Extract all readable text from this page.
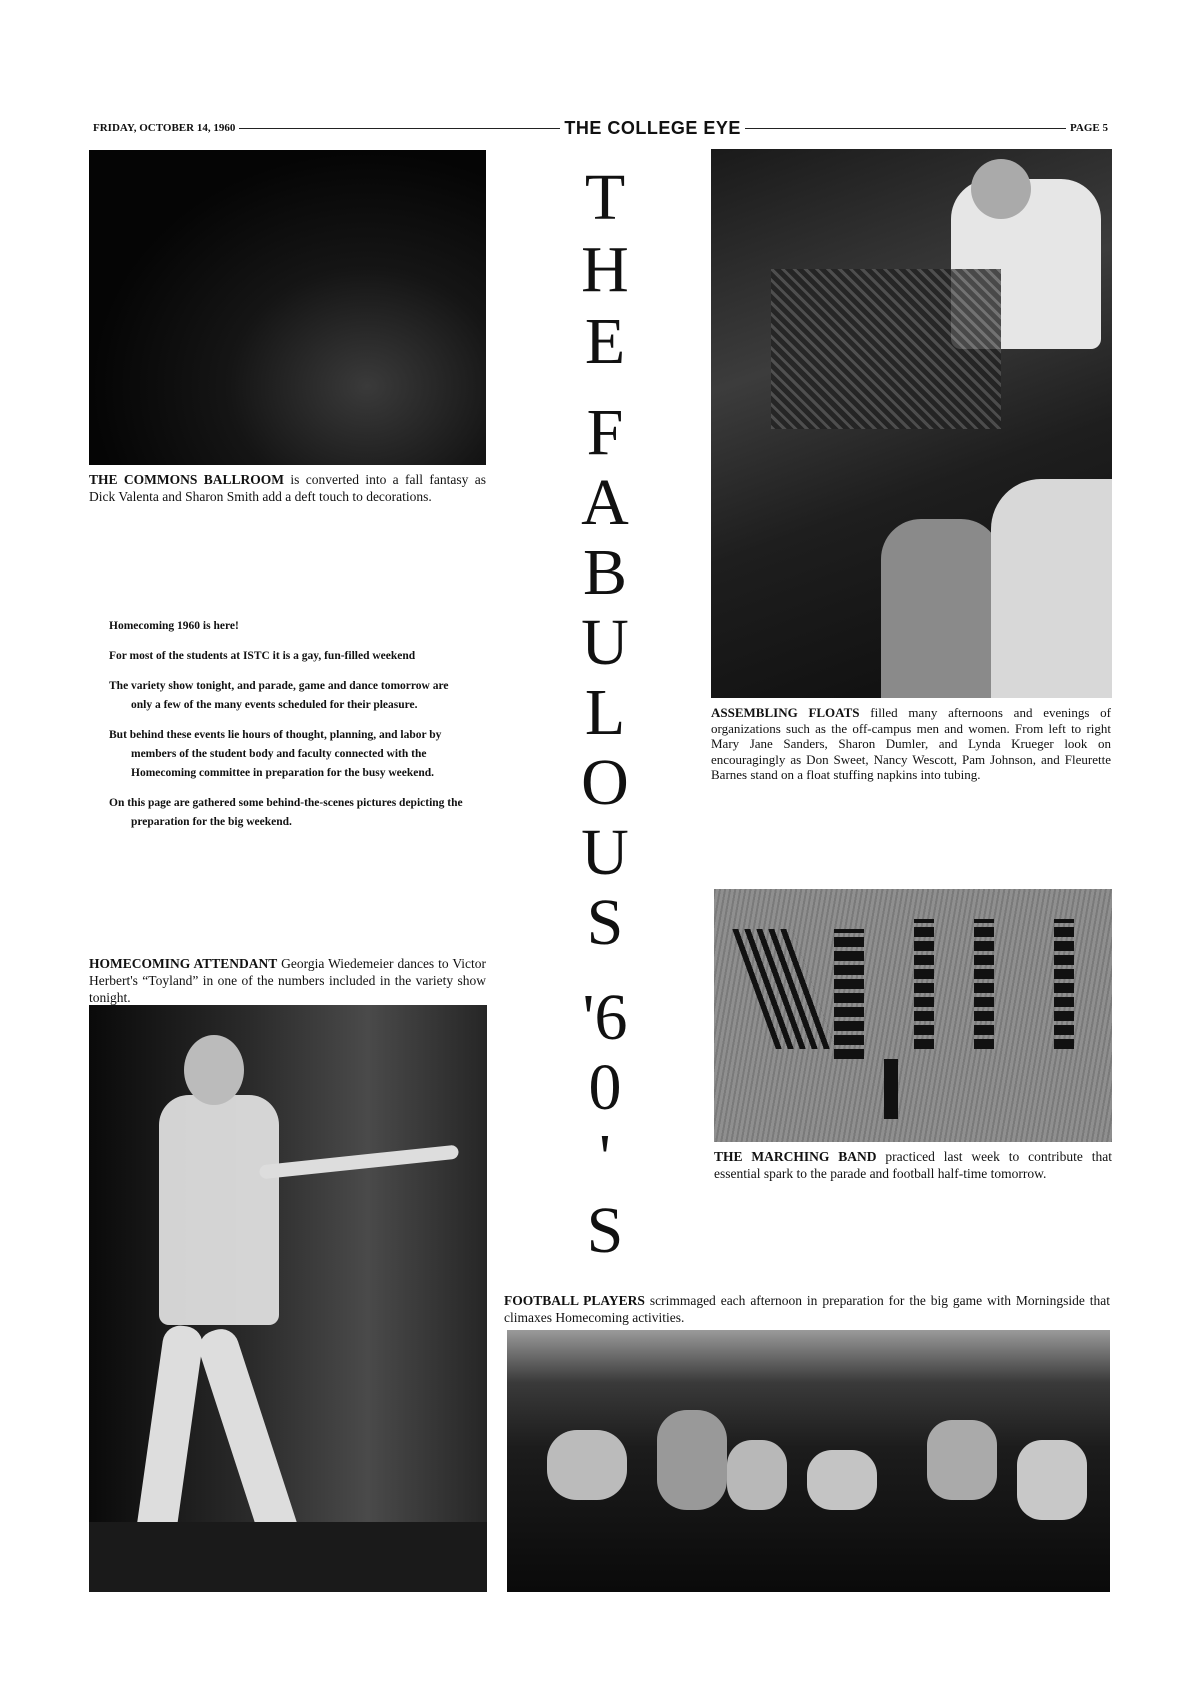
FRIDAY, OCTOBER 14, 1960	THE COLLEGE EYE	PAGE 5
THE COMMONS BALLROOM is converted into a fall fantasy as Dick Valenta and Sharon Smith add a deft touch to decorations.

Homecoming 1960 is here!

For most of the students at ISTC it is a gay, fun-filled weekend

The variety show tonight, and parade, game and dance tomorrow are only a few of the many events scheduled for their pleasure.

But behind these events lie hours of thought, planning, and labor by members of the student body and faculty connected with the Homecoming committee in preparation for the busy weekend.

On this page are gathered some behind-the-scenes pictures depicting the preparation for the big weekend.

HOMECOMING ATTENDANT Georgia Wiedemeier dances to Victor Herbert's “Toyland” in one of the numbers included in the variety show tonight.
T
H
E
F
A
B
U
L
O
U
S
'6
0
'
S
ASSEMBLING FLOATS filled many afternoons and evenings of organizations such as the off-campus men and women. From left to right Mary Jane Sanders, Sharon Dumler, and Lynda Krueger look on encouragingly as Don Sweet, Nancy Wescott, Pam Johnson, and Fleurette Barnes stand on a float stuffing napkins into tubing.
THE MARCHING BAND practiced last week to contribute that essential spark to the parade and football half-time tomorrow.
FOOTBALL PLAYERS scrimmaged each afternoon in preparation for the big game with Morningside that climaxes Homecoming activities.
